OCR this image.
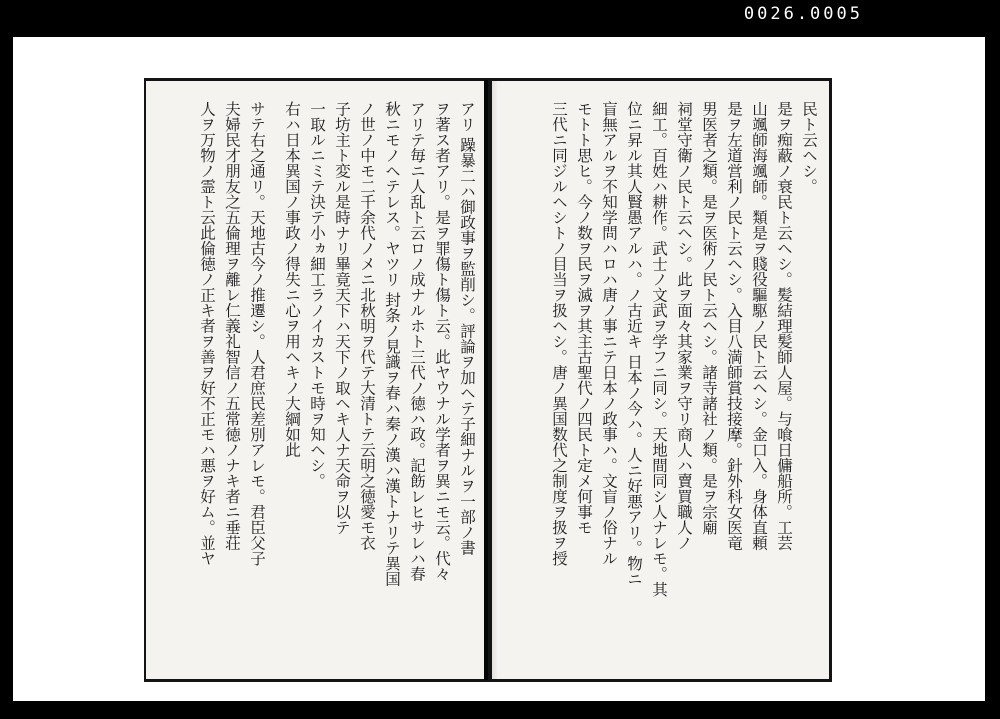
0026.0005
アリ 躁暴二ハ御政事ヲ監削シ。評論ヲ加ヘテ子細ナルヲ一部ノ書
ヲ著ス者アリ。是ヲ罪傷ト傷ト云。此ヤウナル学者ヲ異ニモ云。代々
アリテ毎ニ人乱ト云ロノ成ナルホト三代ノ徳ハ政。記飭レヒサレハ春
秋ニモノヘテレス。ヤツリ 封条ノ見識ヲ春ハ秦ノ漢ハ漢トナリテ異国
ノ世ノ中モ二千余代ノメニ北秋明ヲ代テ大清トテ云明之徳愛モ衣
子坊主ト変ル是時ナリ畢竟天下ハ天下ノ取ヘキ人ナ天命ヲ以テ
一取ルニミテ決テ小ヵ細工ラノイカストモ時ヲ知ヘシ。
右ハ日本異国ノ事政ノ得失ニ心ヲ用ヘキノ大綱如此
サテ右之通リ。天地古今ノ推遷シ。人君庶民差別アレモ。君臣父子
夫婦民才朋友之五倫理ヲ離レ仁義礼智信ノ五常徳ノナキ者ニ垂荘
人ヲ万物ノ霊ト云此倫徳ノ正キ者ヲ善ヲ好不正モハ悪ヲ好ム。並ヤ	民ト云ヘシ。
是ヲ痴蔽ノ衰民ト云ヘシ。髪結理髪師人屋。与喰日傭船所。工芸
山颯師海颯師。類是ヲ賤役驅駆ノ民ト云ヘシ。金口入。身体直頼
是ヲ左道営利ノ民ト云ヘシ。入目八満師賞技接摩。針外科女医竜
男医者之類。是ヲ医術ノ民ト云ヘシ。諸寺諸社ノ類。是ヲ宗廟
祠堂守衛ノ民ト云ヘシ。此ヲ面々其家業ヲ守リ商人ハ賣買職人ノ
細工。百姓ハ耕作。武士ノ文武ヲ学フニ同シ。天地間同シ人ナレモ。其
位ニ昇ル其人賢愚アルハ。ノ古近キ 日本ノ今ハ。人ニ好悪アリ。物ニ
盲無アルヲ不知学問ハロハ唐ノ事ニテ日本ノ政事ハ。文盲ノ俗ナル
モトト思ヒ。今ノ数ヲ民ヲ滅ヲ其主古聖代ノ四民ト定メ何事モ
三代ニ同ジルヘシトノ目当ヲ扱ヘシ。唐ノ異国数代之制度ヲ扱ヲ授
